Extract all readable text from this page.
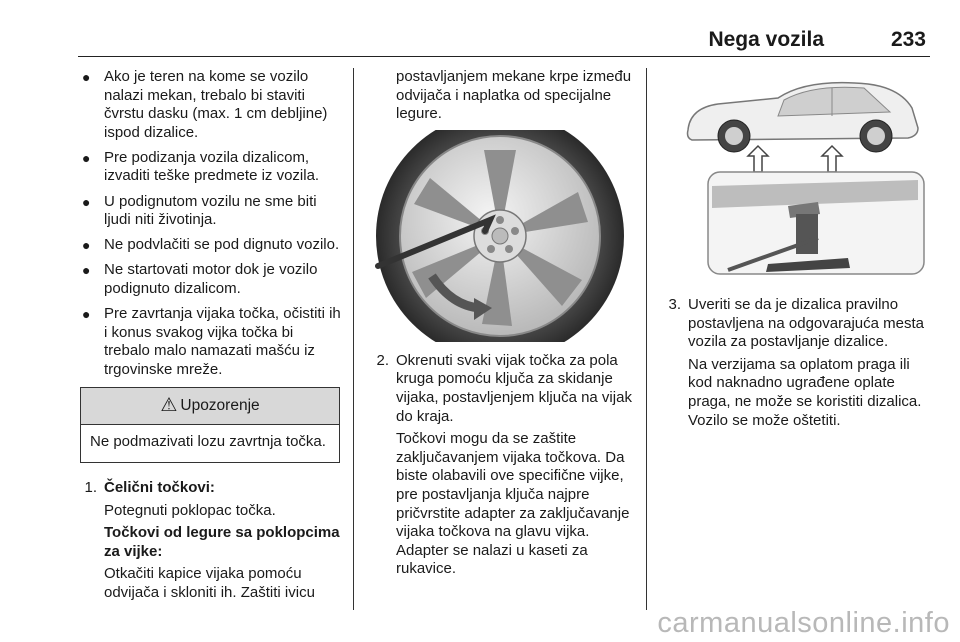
Nega vozila	233
● Ako je teren na kome se vozilo nalazi mekan, trebalo bi staviti čvrstu dasku (max. 1 cm debljine) ispod dizalice.
● Pre podizanja vozila dizalicom, izvaditi teške predmete iz vozila.
● U podignutom vozilu ne sme biti ljudi niti životinja.
● Ne podvlačiti se pod dignuto vozilo.
● Ne startovati motor dok je vozilo podignuto dizalicom.
● Pre zavrtanja vijaka točka, očistiti ih i konus svakog vijka točka bi trebalo malo namazati mašću iz trgovinske mreže.
⚠ Upozorenje
Ne podmazivati lozu zavrtnja točka.
1. Čelični točkovi:
Potegnuti poklopac točka.
Točkovi od legure sa poklopcima za vijke:
Otkačiti kapice vijaka pomoću odvijača i skloniti ih. Zaštiti ivicu
postavljanjem mekane krpe između odvijača i naplatka od specijalne legure.
2. Okrenuti svaki vijak točka za pola kruga pomoću ključa za skidanje vijaka, postavljenjem ključa na vijak do kraja.
Točkovi mogu da se zaštite zaključavanjem vijaka točkova. Da biste olabavili ove specifične vijke, pre postavljanja ključa najpre pričvrstite adapter za zaključavanje vijaka točkova na glavu vijka. Adapter se nalazi u kaseti za rukavice.
3. Uveriti se da je dizalica pravilno postavljena na odgovarajuća mesta vozila za postavljanje dizalice.
Na verzijama sa oplatom praga ili kod naknadno ugrađene oplate praga, ne može se koristiti dizalica. Vozilo se može oštetiti.
carmanualsonline.info
